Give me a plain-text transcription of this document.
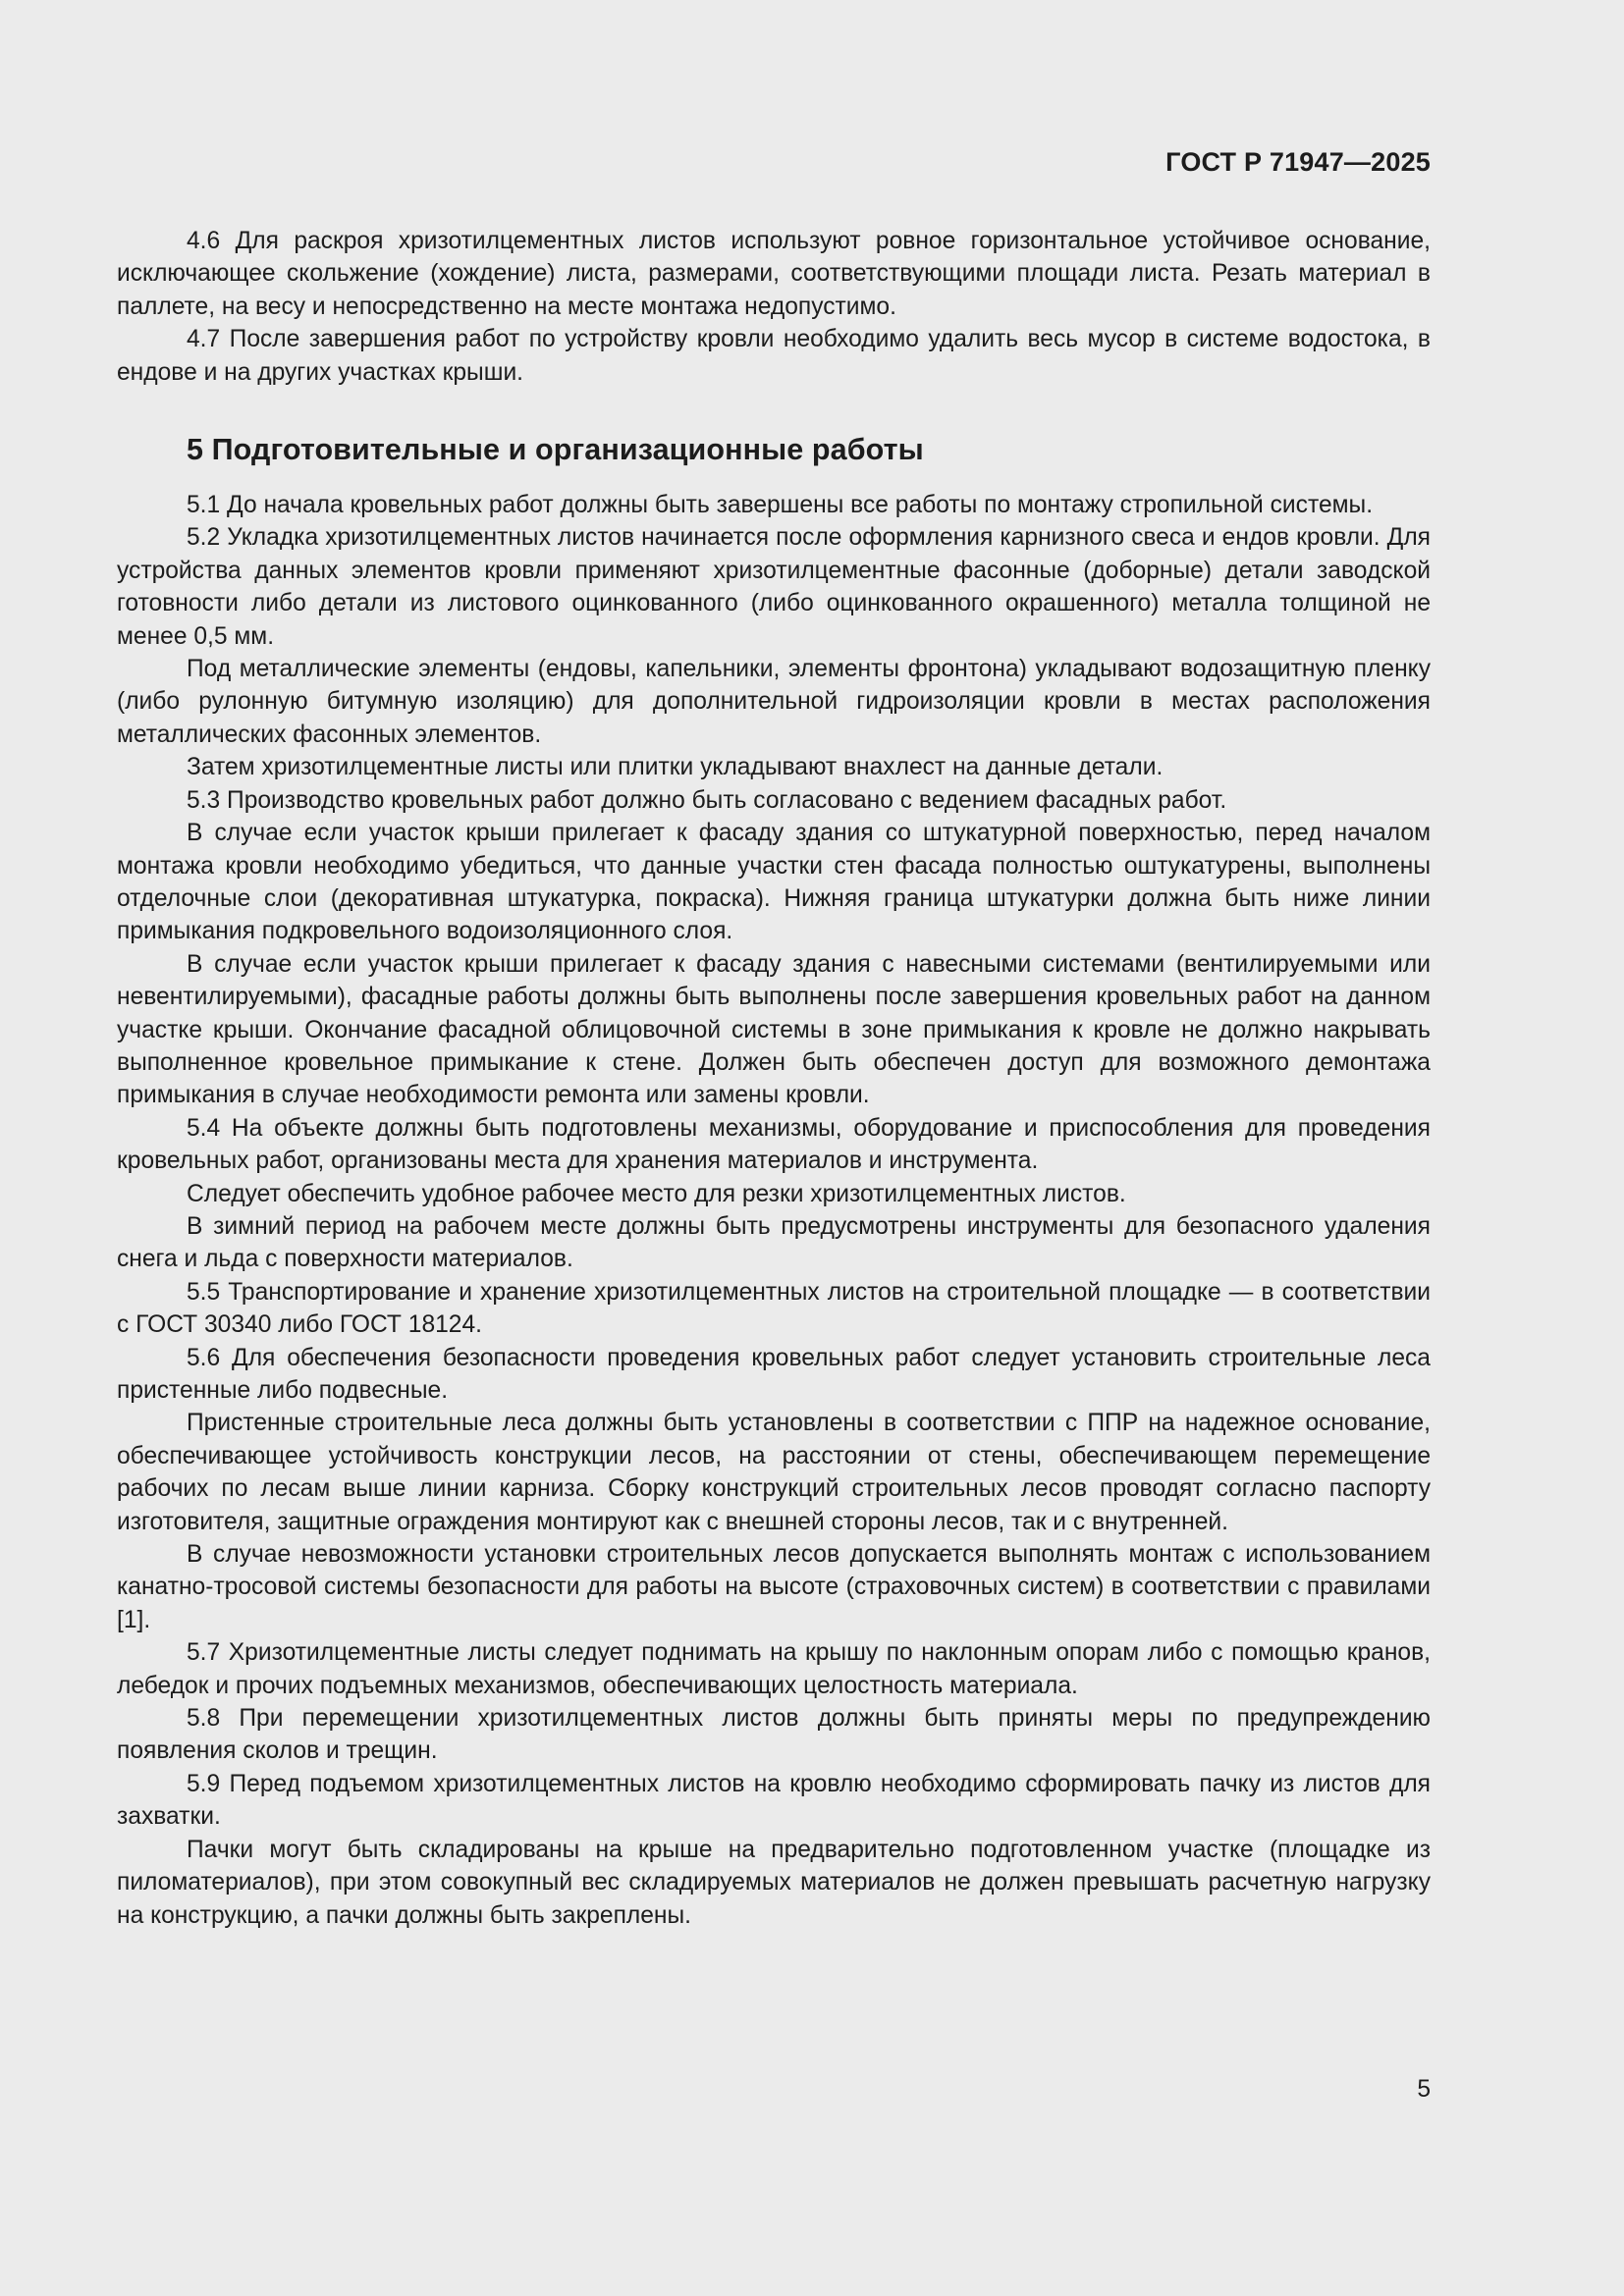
ГОСТ Р 71947—2025

4.6 Для раскроя хризотилцементных листов используют ровное горизонтальное устойчивое основание, исключающее скольжение (хождение) листа, размерами, соответствующими площади листа. Резать материал в паллете, на весу и непосредственно на месте монтажа недопустимо.

4.7 После завершения работ по устройству кровли необходимо удалить весь мусор в системе водостока, в ендове и на других участках крыши.

5 Подготовительные и организационные работы

5.1 До начала кровельных работ должны быть завершены все работы по монтажу стропильной системы.

5.2 Укладка хризотилцементных листов начинается после оформления карнизного свеса и ендов кровли. Для устройства данных элементов кровли применяют хризотилцементные фасонные (доборные) детали заводской готовности либо детали из листового оцинкованного (либо оцинкованного окрашенного) металла толщиной не менее 0,5 мм.

Под металлические элементы (ендовы, капельники, элементы фронтона) укладывают водозащитную пленку (либо рулонную битумную изоляцию) для дополнительной гидроизоляции кровли в местах расположения металлических фасонных элементов.

Затем хризотилцементные листы или плитки укладывают внахлест на данные детали.

5.3 Производство кровельных работ должно быть согласовано с ведением фасадных работ.

В случае если участок крыши прилегает к фасаду здания со штукатурной поверхностью, перед началом монтажа кровли необходимо убедиться, что данные участки стен фасада полностью оштукатурены, выполнены отделочные слои (декоративная штукатурка, покраска). Нижняя граница штукатурки должна быть ниже линии примыкания подкровельного водоизоляционного слоя.

В случае если участок крыши прилегает к фасаду здания с навесными системами (вентилируемыми или невентилируемыми), фасадные работы должны быть выполнены после завершения кровельных работ на данном участке крыши. Окончание фасадной облицовочной системы в зоне примыкания к кровле не должно накрывать выполненное кровельное примыкание к стене. Должен быть обеспечен доступ для возможного демонтажа примыкания в случае необходимости ремонта или замены кровли.

5.4 На объекте должны быть подготовлены механизмы, оборудование и приспособления для проведения кровельных работ, организованы места для хранения материалов и инструмента.

Следует обеспечить удобное рабочее место для резки хризотилцементных листов.

В зимний период на рабочем месте должны быть предусмотрены инструменты для безопасного удаления снега и льда с поверхности материалов.

5.5 Транспортирование и хранение хризотилцементных листов на строительной площадке — в соответствии с ГОСТ 30340 либо ГОСТ 18124.

5.6 Для обеспечения безопасности проведения кровельных работ следует установить строительные леса пристенные либо подвесные.

Пристенные строительные леса должны быть установлены в соответствии с ППР на надежное основание, обеспечивающее устойчивость конструкции лесов, на расстоянии от стены, обеспечивающем перемещение рабочих по лесам выше линии карниза. Сборку конструкций строительных лесов проводят согласно паспорту изготовителя, защитные ограждения монтируют как с внешней стороны лесов, так и с внутренней.

В случае невозможности установки строительных лесов допускается выполнять монтаж с использованием канатно-тросовой системы безопасности для работы на высоте (страховочных систем) в соответствии с правилами [1].

5.7 Хризотилцементные листы следует поднимать на крышу по наклонным опорам либо с помощью кранов, лебедок и прочих подъемных механизмов, обеспечивающих целостность материала.

5.8 При перемещении хризотилцементных листов должны быть приняты меры по предупреждению появления сколов и трещин.

5.9 Перед подъемом хризотилцементных листов на кровлю необходимо сформировать пачку из листов для захватки.

Пачки могут быть складированы на крыше на предварительно подготовленном участке (площадке из пиломатериалов), при этом совокупный вес складируемых материалов не должен превышать расчетную нагрузку на конструкцию, а пачки должны быть закреплены.

5
